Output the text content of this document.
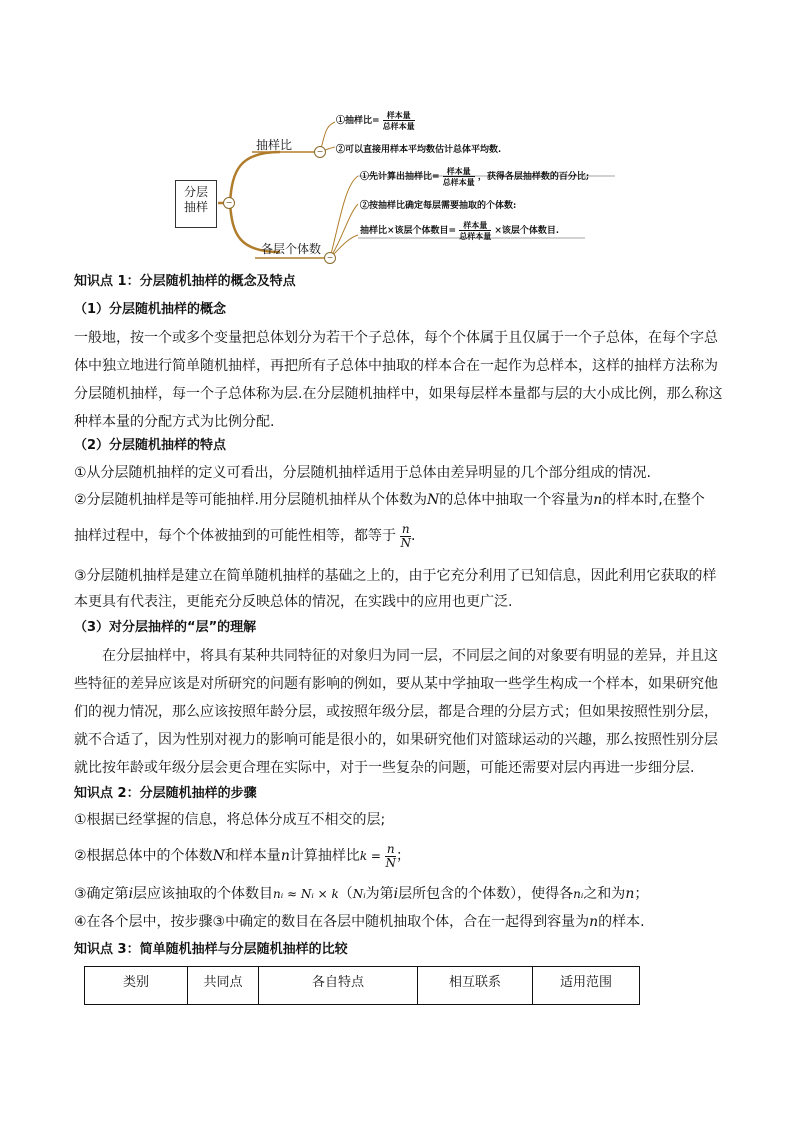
分层
抽样	−
抽样比	−
①抽样比= $\frac{\text{样本量}}{\text{总样本量}}$
②可以直接用样本平均数估计总体平均数.
各层个体数
−
①先计算出抽样比= $\frac{\text{样本量}}{\text{总样本量}}$ ，获得各层抽样数的百分比;
②按抽样比确定每层需要抽取的个体数:
抽样比×该层个体数目= $\frac{\text{样本量}}{\text{总样本量}}$ ×该层个体数目.
知识点 1：分层随机抽样的概念及特点
（1）分层随机抽样的概念
一般地，按一个或多个变量把总体划分为若干个子总体，每个个体属于且仅属于一个子总体，在每个字总
体中独立地进行简单随机抽样，再把所有子总体中抽取的样本合在一起作为总样本，这样的抽样方法称为
分层随机抽样，每一个子总体称为层.在分层随机抽样中，如果每层样本量都与层的大小成比例，那么称这
种样本量的分配方式为比例分配.
（2）分层随机抽样的特点
①从分层随机抽样的定义可看出，分层随机抽样适用于总体由差异明显的几个部分组成的情况.
②分层随机抽样是等可能抽样.用分层随机抽样从个体数为N的总体中抽取一个容量为n的样本时,在整个
抽样过程中，每个个体被抽到的可能性相等，都等于 $\frac{n}{N}$ .
③分层随机抽样是建立在简单随机抽样的基础之上的，由于它充分利用了已知信息，因此利用它获取的样
本更具有代表注，更能充分反映总体的情况，在实践中的应用也更广泛.
（3）对分层抽样的“层”的理解
在分层抽样中，将具有某种共同特征的对象归为同一层，不同层之间的对象要有明显的差异，并且这
些特征的差异应该是对所研究的问题有影响的例如，要从某中学抽取一些学生构成一个样本，如果研究他
们的视力情况，那么应该按照年龄分层，或按照年级分层，都是合理的分层方式；但如果按照性别分层，
就不合适了，因为性别对视力的影响可能是很小的，如果研究他们对篮球运动的兴趣，那么按照性别分层
就比按年龄或年级分层会更合理在实际中，对于一些复杂的问题，可能还需要对层内再进一步细分层.
知识点 2：分层随机抽样的步骤
①根据已经掌握的信息，将总体分成互不相交的层;
②根据总体中的个体数N和样本量n计算抽样比$k = \frac{n}{N}$ ；
③确定第i层应该抽取的个体数目nᵢ ≈ Nᵢ × k（Nᵢ为第i层所包含的个体数），使得各nᵢ之和为n；
④在各个层中，按步骤③中确定的数目在各层中随机抽取个体，合在一起得到容量为n的样本.
知识点 3：简单随机抽样与分层随机抽样的比较
类别	共同点	各自特点	相互联系	适用范围
